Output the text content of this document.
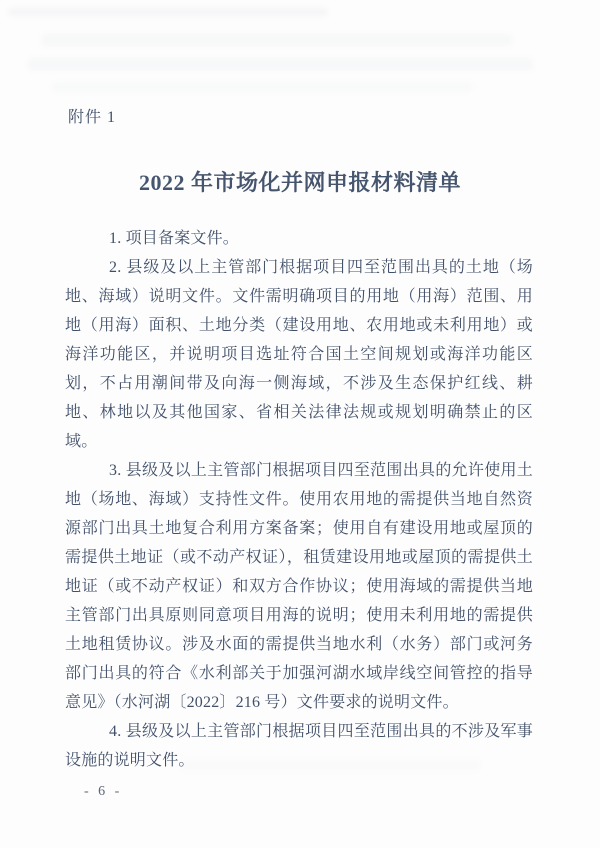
附件 1
2022 年市场化并网申报材料清单

1. 项目备案文件。

2. 县级及以上主管部门根据项目四至范围出具的土地（场地、海域）说明文件。文件需明确项目的用地（用海）范围、用地（用海）面积、土地分类（建设用地、农用地或未利用地）或海洋功能区，并说明项目选址符合国土空间规划或海洋功能区划，不占用潮间带及向海一侧海域，不涉及生态保护红线、耕地、林地以及其他国家、省相关法律法规或规划明确禁止的区域。

3. 县级及以上主管部门根据项目四至范围出具的允许使用土地（场地、海域）支持性文件。使用农用地的需提供当地自然资源部门出具土地复合利用方案备案；使用自有建设用地或屋顶的需提供土地证（或不动产权证），租赁建设用地或屋顶的需提供土地证（或不动产权证）和双方合作协议；使用海域的需提供当地主管部门出具原则同意项目用海的说明；使用未利用地的需提供土地租赁协议。涉及水面的需提供当地水利（水务）部门或河务部门出具的符合《水利部关于加强河湖水域岸线空间管控的指导意见》（水河湖〔2022〕216 号）文件要求的说明文件。

4. 县级及以上主管部门根据项目四至范围出具的不涉及军事设施的说明文件。

- 6 -
